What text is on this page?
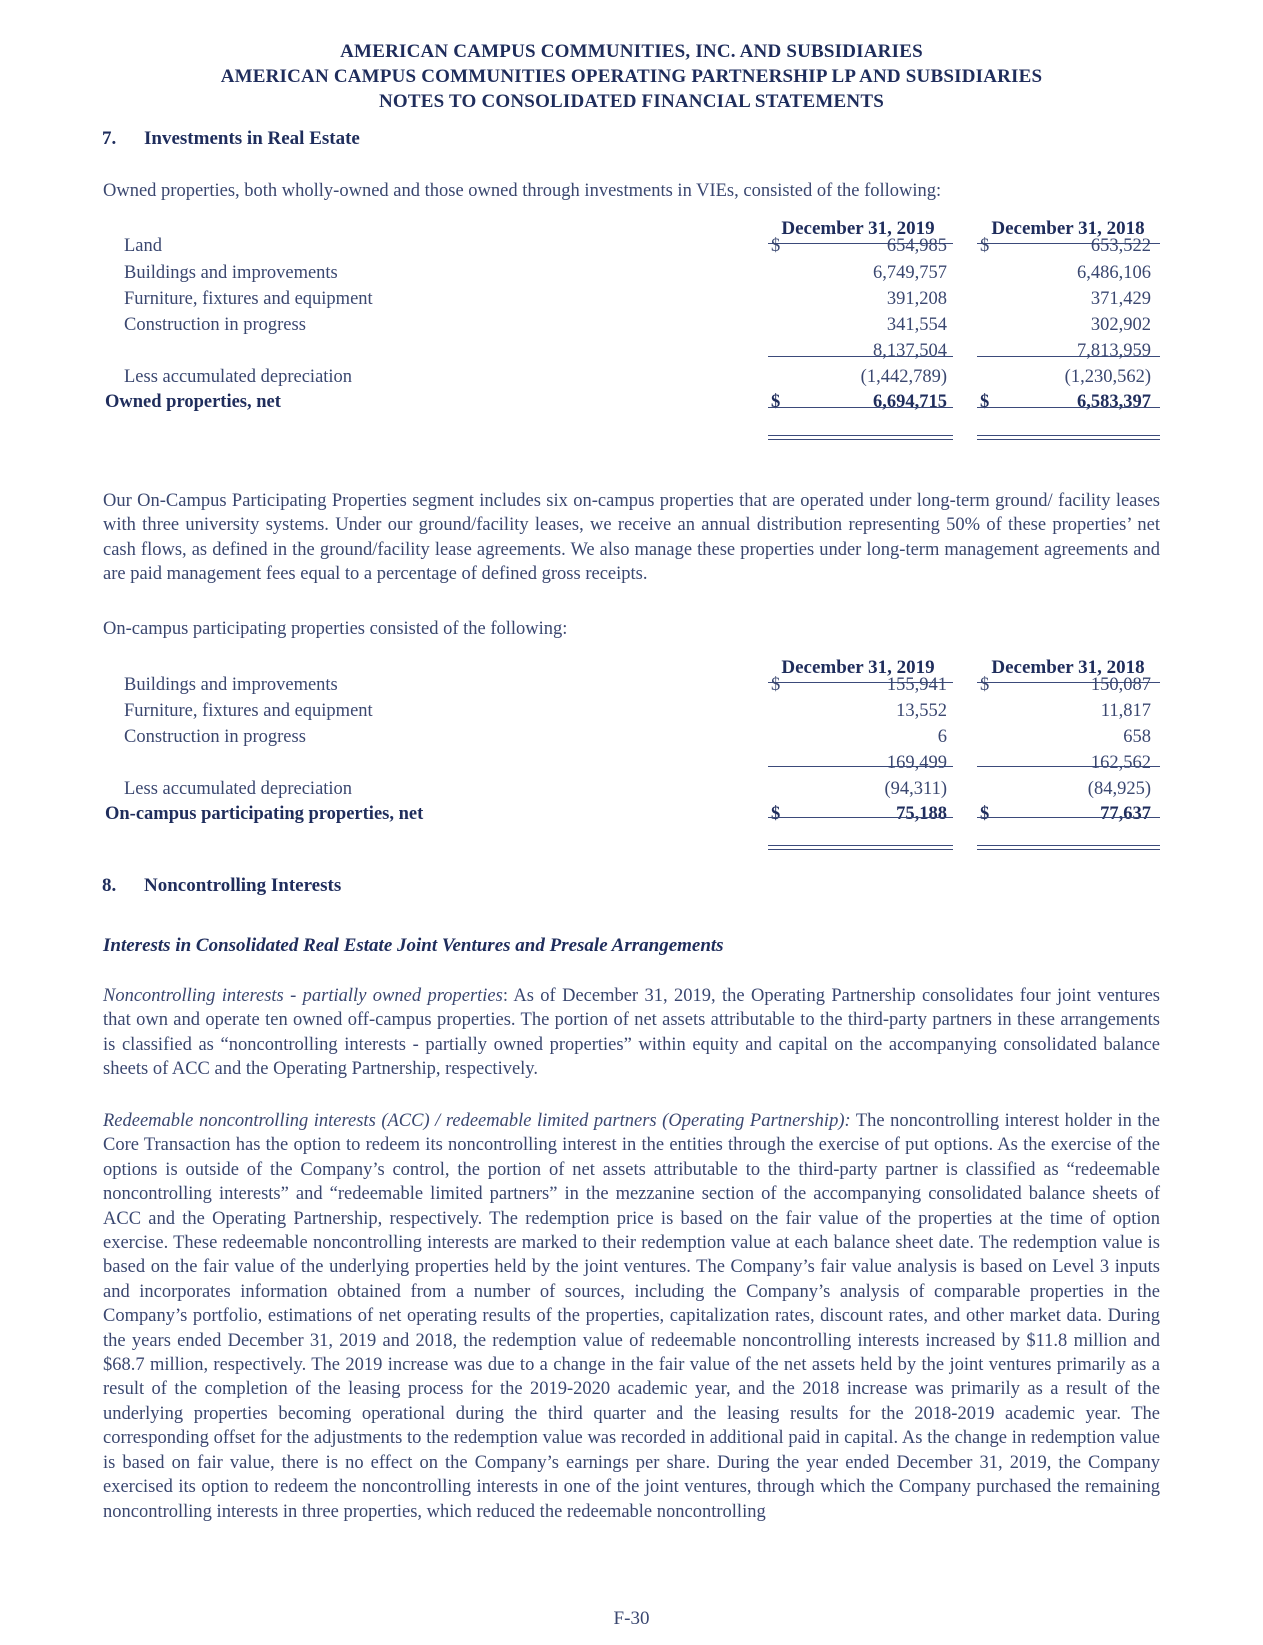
AMERICAN CAMPUS COMMUNITIES, INC. AND SUBSIDIARIES
AMERICAN CAMPUS COMMUNITIES OPERATING PARTNERSHIP LP AND SUBSIDIARIES
NOTES TO CONSOLIDATED FINANCIAL STATEMENTS
7. Investments in Real Estate
Owned properties, both wholly-owned and those owned through investments in VIEs, consisted of the following:
December 31, 2019	December 31, 2018
Land	$	654,985 $	653,522
Buildings and improvements	6,749,757	6,486,106
Furniture, fixtures and equipment	391,208	371,429
Construction in progress	341,554	302,902
8,137,504	7,813,959
Less accumulated depreciation	(1,442,789)	(1,230,562)
Owned properties, net	$	6,694,715 $	6,583,397
Our On-Campus Participating Properties segment includes six on-campus properties that are operated under long-term ground/ facility leases with three university systems. Under our ground/facility leases, we receive an annual distribution representing 50% of these properties’ net cash flows, as defined in the ground/facility lease agreements. We also manage these properties under long-term management agreements and are paid management fees equal to a percentage of defined gross receipts.
On-campus participating properties consisted of the following:
December 31, 2019	December 31, 2018
Buildings and improvements	$	155,941 $	150,087
Furniture, fixtures and equipment	13,552	11,817
Construction in progress	6	658
169,499	162,562
Less accumulated depreciation	(94,311)	(84,925)
On-campus participating properties, net	$	75,188 $	77,637
8. Noncontrolling Interests
Interests in Consolidated Real Estate Joint Ventures and Presale Arrangements
Noncontrolling interests - partially owned properties: As of December 31, 2019, the Operating Partnership consolidates four joint ventures that own and operate ten owned off-campus properties. The portion of net assets attributable to the third-party partners in these arrangements is classified as “noncontrolling interests - partially owned properties” within equity and capital on the accompanying consolidated balance sheets of ACC and the Operating Partnership, respectively.
Redeemable noncontrolling interests (ACC) / redeemable limited partners (Operating Partnership): The noncontrolling interest holder in the Core Transaction has the option to redeem its noncontrolling interest in the entities through the exercise of put options. As the exercise of the options is outside of the Company’s control, the portion of net assets attributable to the third-party partner is classified as “redeemable noncontrolling interests” and “redeemable limited partners” in the mezzanine section of the accompanying consolidated balance sheets of ACC and the Operating Partnership, respectively. The redemption price is based on the fair value of the properties at the time of option exercise. These redeemable noncontrolling interests are marked to their redemption value at each balance sheet date. The redemption value is based on the fair value of the underlying properties held by the joint ventures. The Company’s fair value analysis is based on Level 3 inputs and incorporates information obtained from a number of sources, including the Company’s analysis of comparable properties in the Company’s portfolio, estimations of net operating results of the properties, capitalization rates, discount rates, and other market data. During the years ended December 31, 2019 and 2018, the redemption value of redeemable noncontrolling interests increased by $11.8 million and $68.7 million, respectively. The 2019 increase was due to a change in the fair value of the net assets held by the joint ventures primarily as a result of the completion of the leasing process for the 2019-2020 academic year, and the 2018 increase was primarily as a result of the underlying properties becoming operational during the third quarter and the leasing results for the 2018-2019 academic year. The corresponding offset for the adjustments to the redemption value was recorded in additional paid in capital. As the change in redemption value is based on fair value, there is no effect on the Company’s earnings per share. During the year ended December 31, 2019, the Company exercised its option to redeem the noncontrolling interests in one of the joint ventures, through which the Company purchased the remaining noncontrolling interests in three properties, which reduced the redeemable noncontrolling
F-30
